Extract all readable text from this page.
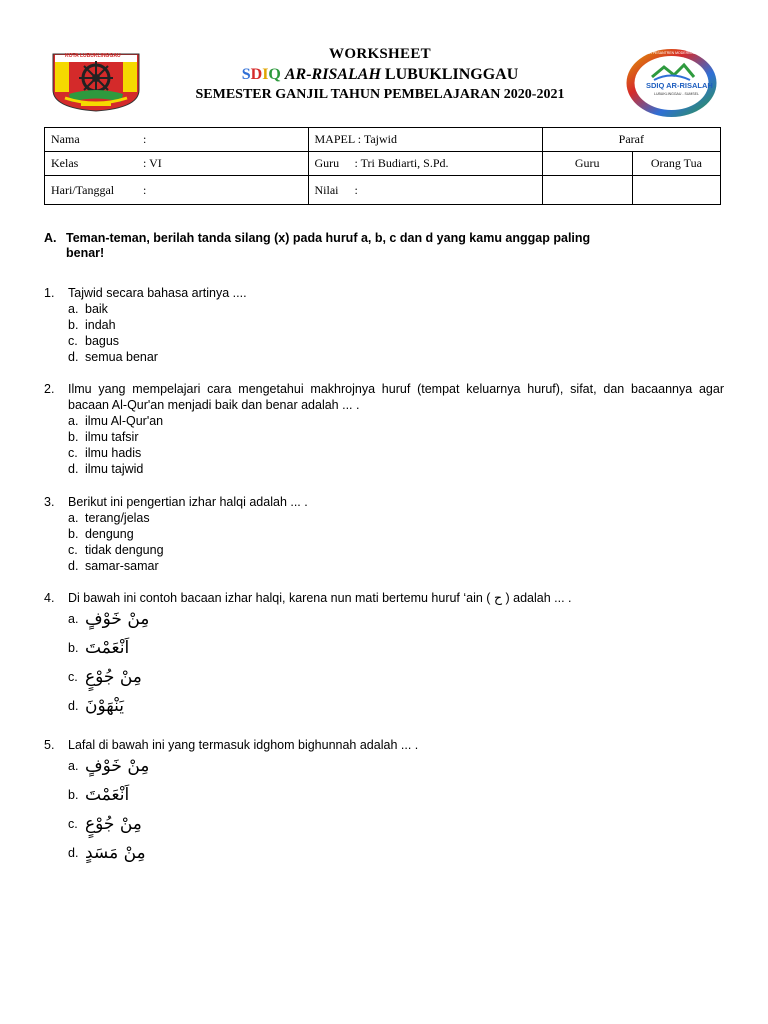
KOTA LUBUKLINGGAU	WORKSHEET
SDIQ AR-RISALAH LUBUKLINGGAU
SEMESTER GANJIL TAHUN PEMBELAJARAN 2020-2021
SDIQ AR-RISALAH
LUBUKLINGGAU - SUMSEL
YAYASAN PESANTREN MODERN AR-RISALAH
Nama :	MAPEL : Tajwid	Paraf	
Kelas : VI	Guru : Tri Budiarti, S.Pd.	Guru	Orang Tua
Hari/Tanggal :	Nilai :		
A. Teman-teman, berilah tanda silang (x) pada huruf a, b, c dan d yang kamu anggap paling
benar!
1. Tajwid secara bahasa artinya ....
a. baik
b. indah
c. bagus
d. semua benar
2. Ilmu yang mempelajari cara mengetahui makhrojnya huruf (tempat keluarnya huruf), sifat, dan bacaannya agar bacaan Al-Qur'an menjadi baik dan benar adalah ... .
a. ilmu Al-Qur'an
b. ilmu tafsir
c. ilmu hadis
d. ilmu tajwid
3. Berikut ini pengertian izhar halqi adalah ... .
a. terang/jelas
b. dengung
c. tidak dengung
d. samar-samar
4. Di bawah ini contoh bacaan izhar halqi, karena nun mati bertemu huruf ‘ain ( ح ) adalah ... .
a. مِنْ خَوْفٍ
b. اَنْعَمْتَ
c. مِنْ جُوْعٍ
d. يَنْهَوْنَ
5. Lafal di bawah ini yang termasuk idghom bighunnah adalah ... .
a. مِنْ خَوْفٍ
b. اَنْعَمْتَ
c. مِنْ جُوْعٍ
d. مِنْ مَسَدٍ
